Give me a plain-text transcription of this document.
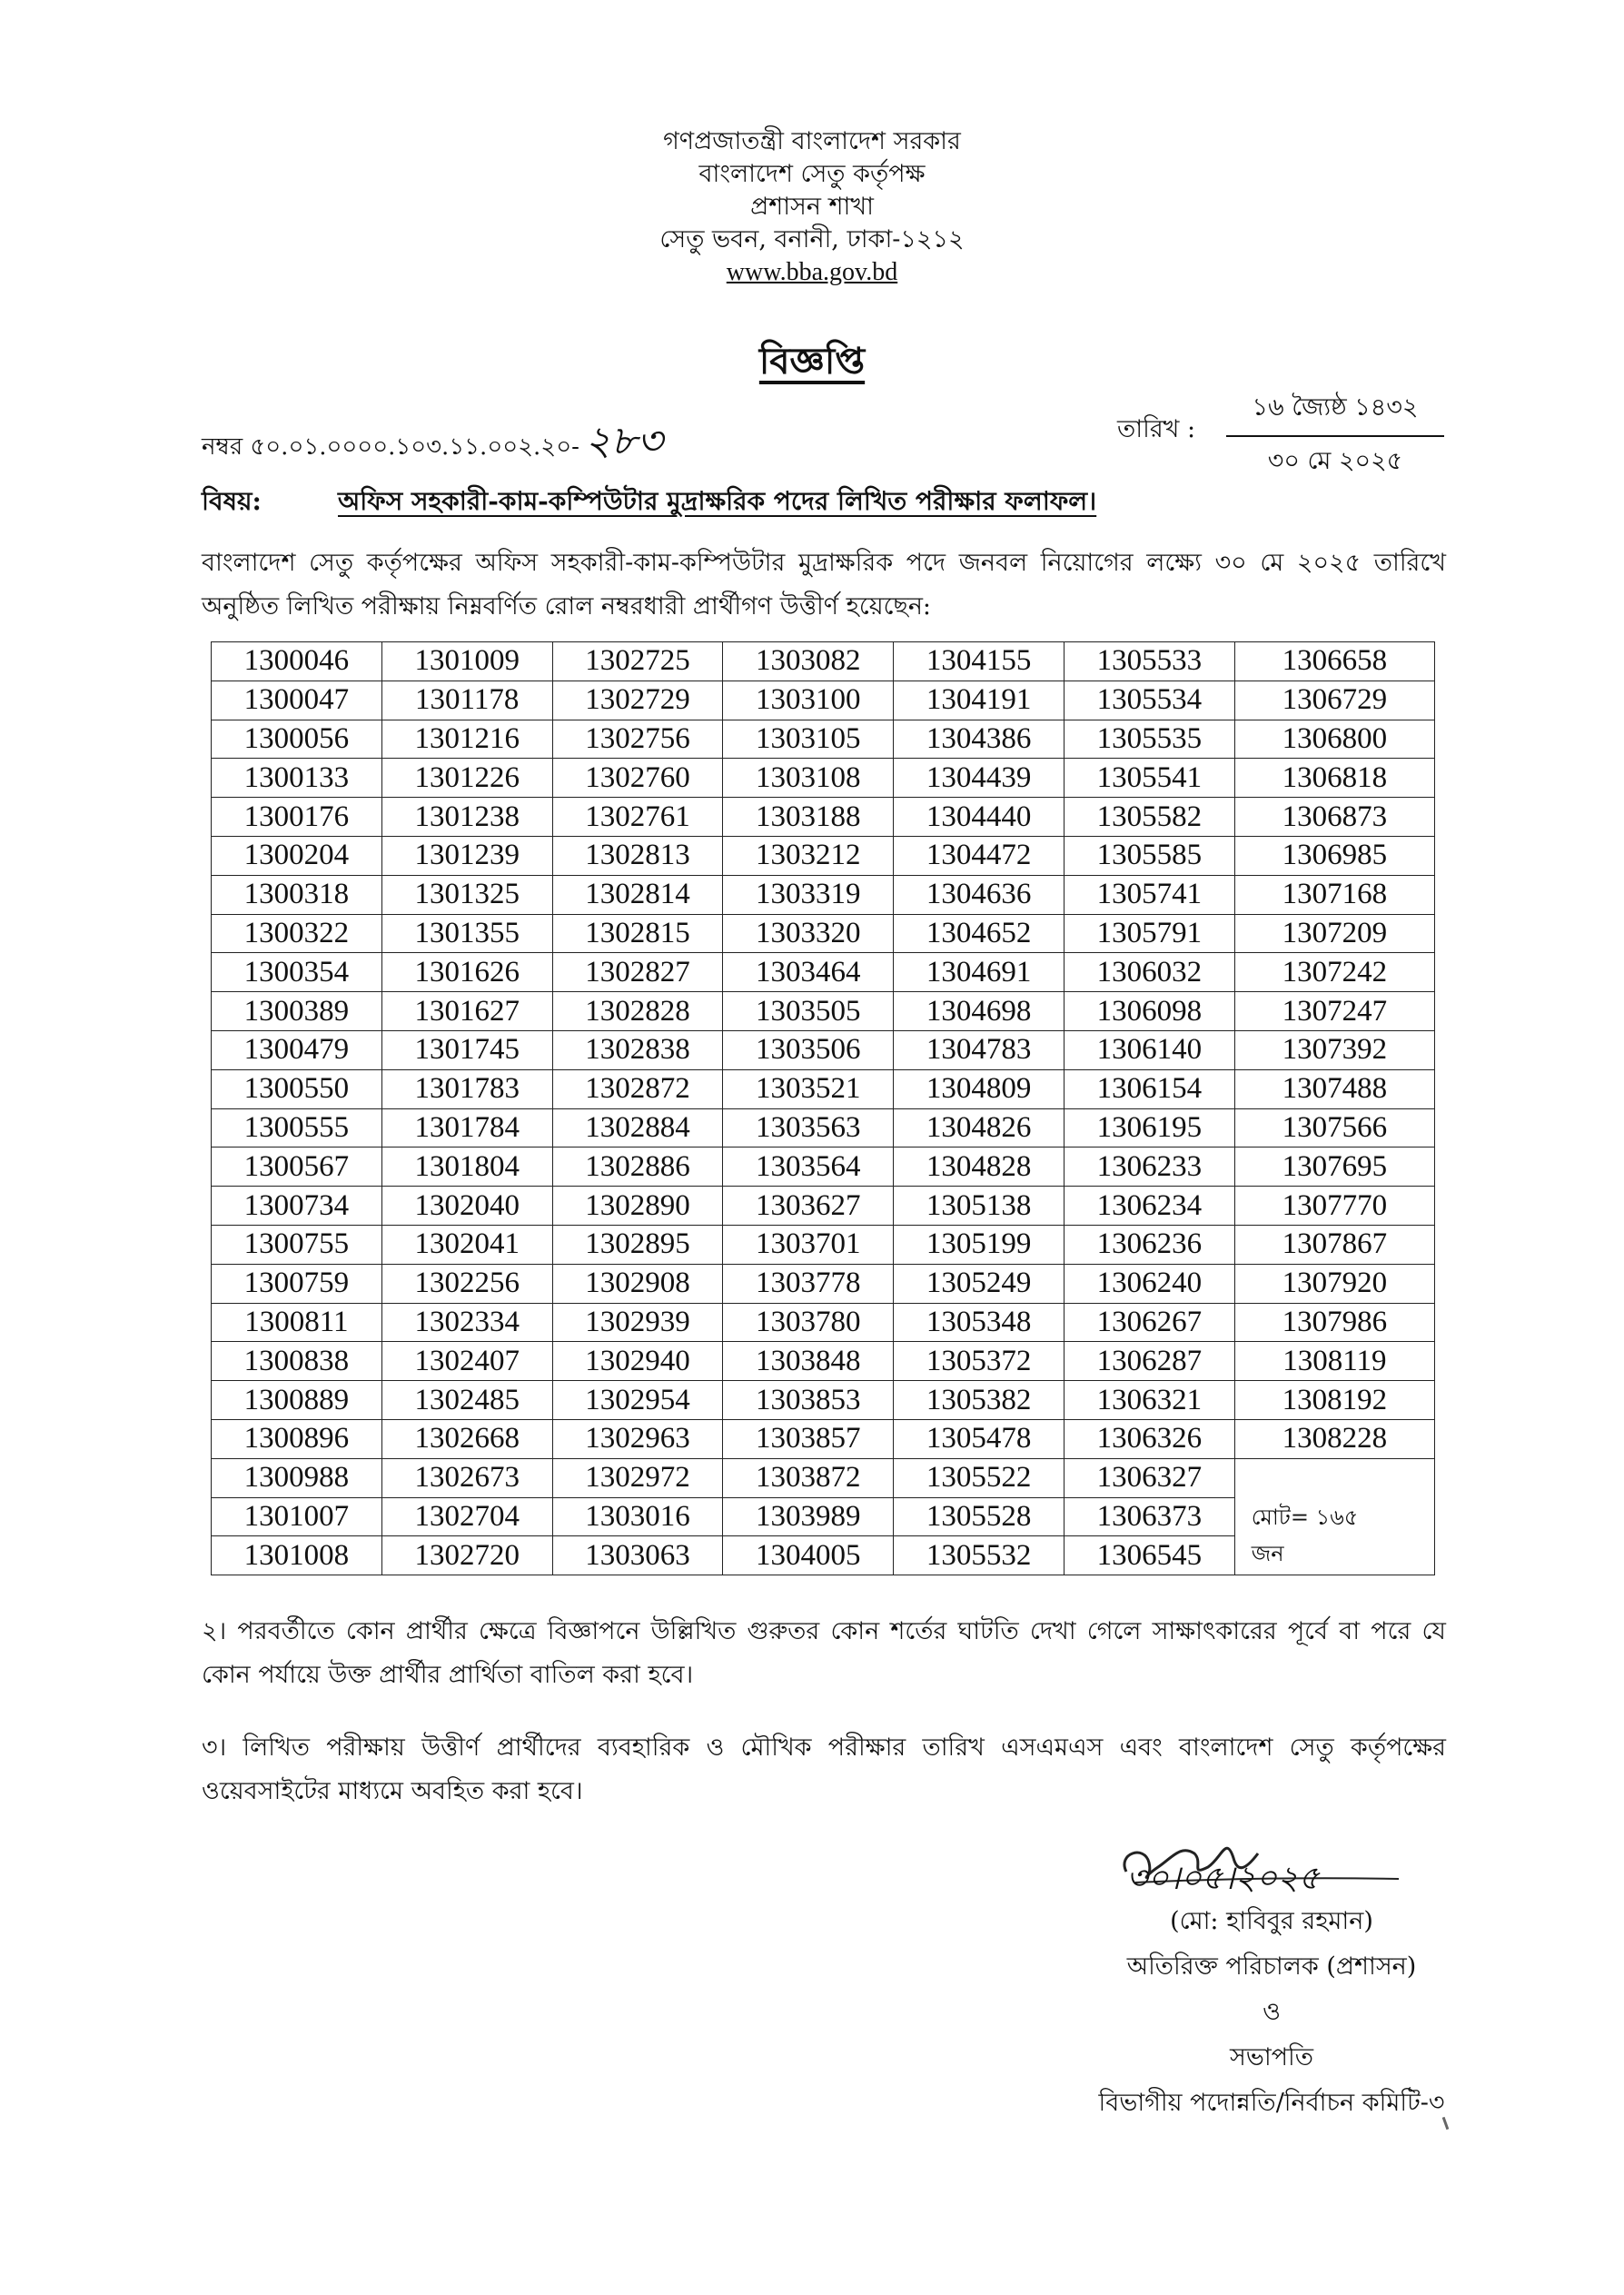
গণপ্রজাতন্ত্রী বাংলাদেশ সরকার
বাংলাদেশ সেতু কর্তৃপক্ষ
প্রশাসন শাখা
সেতু ভবন, বনানী, ঢাকা-১২১২
www.bba.gov.bd
বিজ্ঞপ্তি
নম্বর ৫০.০১.০০০০.১০৩.১১.০০২.২০- ২৮৩	তারিখ :
১৬ জ্যৈষ্ঠ ১৪৩২
৩০ মে ২০২৫
বিষয়:	অফিস সহকারী-কাম-কম্পিউটার মুদ্রাক্ষরিক পদের লিখিত পরীক্ষার ফলাফল।
বাংলাদেশ সেতু কর্তৃপক্ষের অফিস সহকারী-কাম-কম্পিউটার মুদ্রাক্ষরিক পদে জনবল নিয়োগের লক্ষ্যে ৩০ মে ২০২৫ তারিখে অনুষ্ঠিত লিখিত পরীক্ষায় নিম্নবর্ণিত রোল নম্বরধারী প্রার্থীগণ উত্তীর্ণ হয়েছেন:
1300046	1301009	1302725	1303082	1304155	1305533	1306658
1300047	1301178	1302729	1303100	1304191	1305534	1306729
1300056	1301216	1302756	1303105	1304386	1305535	1306800
1300133	1301226	1302760	1303108	1304439	1305541	1306818
1300176	1301238	1302761	1303188	1304440	1305582	1306873
1300204	1301239	1302813	1303212	1304472	1305585	1306985
1300318	1301325	1302814	1303319	1304636	1305741	1307168
1300322	1301355	1302815	1303320	1304652	1305791	1307209
1300354	1301626	1302827	1303464	1304691	1306032	1307242
1300389	1301627	1302828	1303505	1304698	1306098	1307247
1300479	1301745	1302838	1303506	1304783	1306140	1307392
1300550	1301783	1302872	1303521	1304809	1306154	1307488
1300555	1301784	1302884	1303563	1304826	1306195	1307566
1300567	1301804	1302886	1303564	1304828	1306233	1307695
1300734	1302040	1302890	1303627	1305138	1306234	1307770
1300755	1302041	1302895	1303701	1305199	1306236	1307867
1300759	1302256	1302908	1303778	1305249	1306240	1307920
1300811	1302334	1302939	1303780	1305348	1306267	1307986
1300838	1302407	1302940	1303848	1305372	1306287	1308119
1300889	1302485	1302954	1303853	1305382	1306321	1308192
1300896	1302668	1302963	1303857	1305478	1306326	1308228
1300988	1302673	1302972	1303872	1305522	1306327	মোট= ১৬৫
জন

1301007	1302704	1303016	1303989	1305528	1306373	
1301008	1302720	1303063	1304005	1305532	1306545	
২। পরবর্তীতে কোন প্রার্থীর ক্ষেত্রে বিজ্ঞাপনে উল্লিখিত গুরুতর কোন শর্তের ঘাটতি দেখা গেলে সাক্ষাৎকারের পূর্বে বা পরে যে কোন পর্যায়ে উক্ত প্রার্থীর প্রার্থিতা বাতিল করা হবে।
৩। লিখিত পরীক্ষায় উত্তীর্ণ প্রার্থীদের ব্যবহারিক ও মৌখিক পরীক্ষার তারিখ এসএমএস এবং বাংলাদেশ সেতু কর্তৃপক্ষের ওয়েবসাইটের মাধ্যমে অবহিত করা হবে।
৩০।০৫।২০২৫
(মো: হাবিবুর রহমান)
অতিরিক্ত পরিচালক (প্রশাসন)
ও
সভাপতি
বিভাগীয় পদোন্নতি/নির্বাচন কমিটি-৩
